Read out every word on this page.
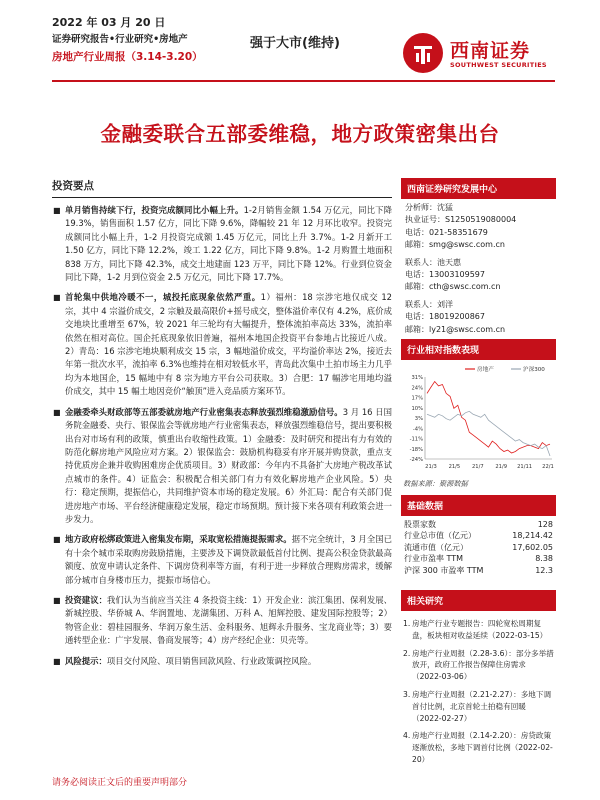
2022 年 03 月 20 日
证券研究报告•行业研究•房地产
房地产行业周报（3.14-3.20）
强于大市(维持)	西南证券
SOUTHWEST SECURITIES
金融委联合五部委维稳，地方政策密集出台
投资要点
■ 单月销售持续下行，投资完成额同比小幅上升。1-2月销售金额 1.54 万亿元，同比下降 19.3%，销售面积 1.57 亿方，同比下降 9.6%，降幅较 21 年 12 月环比收窄。投资完成额同比小幅上升，1-2 月投资完成额 1.45 万亿元，同比上升 3.7%。1-2 月新开工 1.50 亿方，同比下降 12.2%，竣工 1.22 亿方，同比下降 9.8%。1-2 月购置土地面积 838 万方，同比下降 42.3%，成交土地建面 123 万平，同比下降 12%。行业到位资金同比下降，1-2 月到位资金 2.5 万亿元，同比下降 17.7%。
■ 首轮集中供地冷暖不一，城投托底现象依然严重。1）福州：18 宗涉宅地仅成交 12 宗，其中 4 宗溢价成交，2 宗触及最高限价+摇号成交，整体溢价率仅有 4.2%，底价成交地块比重增至 67%，较 2021 年三轮均有大幅提升，整体流拍率高达 33%，流拍率依然在相对高位。国企托底现象依旧普遍，福州本地国企投资平台参地占比接近八成。2）青岛：16 宗涉宅地块顺利成交 15 宗，3 幅地溢价成交，平均溢价率达 2%，接近去年第一批次水平，流拍率 6.3%也维持在相对较低水平，青岛此次集中土拍市场主力几乎均为本地国企，15 幅地中有 8 宗为地方平台公司获取。3）合肥：17 幅涉宅用地均溢价成交，其中 15 幅土地因竞价“触顶”进入竞品质方案环节。
■ 金融委牵头财政部等五部委就房地产行业密集表态释放强烈维稳激励信号。3 月 16 日国务院金融委、央行、银保监会等就房地产行业密集表态，释放强烈维稳信号，提出要积极出台对市场有利的政策，慎重出台收缩性政策。1）金融委：及时研究和提出有力有效的防范化解房地产风险应对方案。2）银保监会：鼓励机构稳妥有序开展并购贷款，重点支持优质房企兼并收购困难房企优质项目。3）财政部：今年内不具备扩大房地产税改革试点城市的条件。4）证监会：积极配合相关部门有力有效化解房地产企业风险。5）央行：稳定预期，提振信心，共同维护资本市场的稳定发展。6）外汇局：配合有关部门促进房地产市场、平台经济健康稳定发展，稳定市场预期。预计接下来各项有利政策会进一步发力。
■ 地方政府松绑政策进入密集发布期，采取宽松措施提振需求。据不完全统计，3 月全国已有十余个城市采取购房鼓励措施，主要涉及下调贷款最低首付比例、提高公积金贷款最高额度、放宽申请认定条件、下调房贷利率等方面，有利于进一步释放合理购房需求，缓解部分城市自身楼市压力，提振市场信心。
■ 投资建议：我们认为当前应当关注 4 条投资主线：1）开发企业：滨江集团、保利发展、新城控股、华侨城 A、华润置地、龙湖集团、万科 A、旭辉控股、建发国际控股等；2）物管企业：碧桂园服务、华润万象生活、金科服务、旭辉永升服务、宝龙商业等；3）要通转型企业：广宇发展、鲁商发展等；4）房产经纪企业：贝壳等。
■ 风险提示：项目交付风险、项目销售回款风险、行业政策调控风险。
西南证券研究发展中心
分析师：沈猛
执业证号：S1250519080004
电话：021-58351679
邮箱：smg@swsc.com.cn
联系人：池天惠
电话：13003109597
邮箱：cth@swsc.com.cn
联系人：刘洋
电话：18019200867
邮箱：ly21@swsc.com.cn
行业相对指数表现
房地产	沪深300
31%
24%
17%
10%
3%
-4%
-11%
-18%
-24%
21/3 21/5 21/7 21/9 21/11 22/1
数据来源：聚源数据
基础数据
股票家数	128
行业总市值（亿元）	18,214.42
流通市值（亿元）	17,602.05
行业市盈率 TTM	8.38
沪深 300 市盈率 TTM	12.3
相关研究
1. 房地产行业专题报告：四轮宽松周期复盘，板块相对收益延续（2022-03-15）
2. 房地产行业周报（2.28-3.6）：部分多举措放开，政府工作报告保障住房需求（2022-03-06）
3. 房地产行业周报（2.21-2.27）：多地下调首付比例，北京首轮土拍稳有回暖（2022-02-27）
4. 房地产行业周报（2.14-2.20）：房贷政策逐渐放松，多地下调首付比例（2022-02-20）
请务必阅读正文后的重要声明部分
